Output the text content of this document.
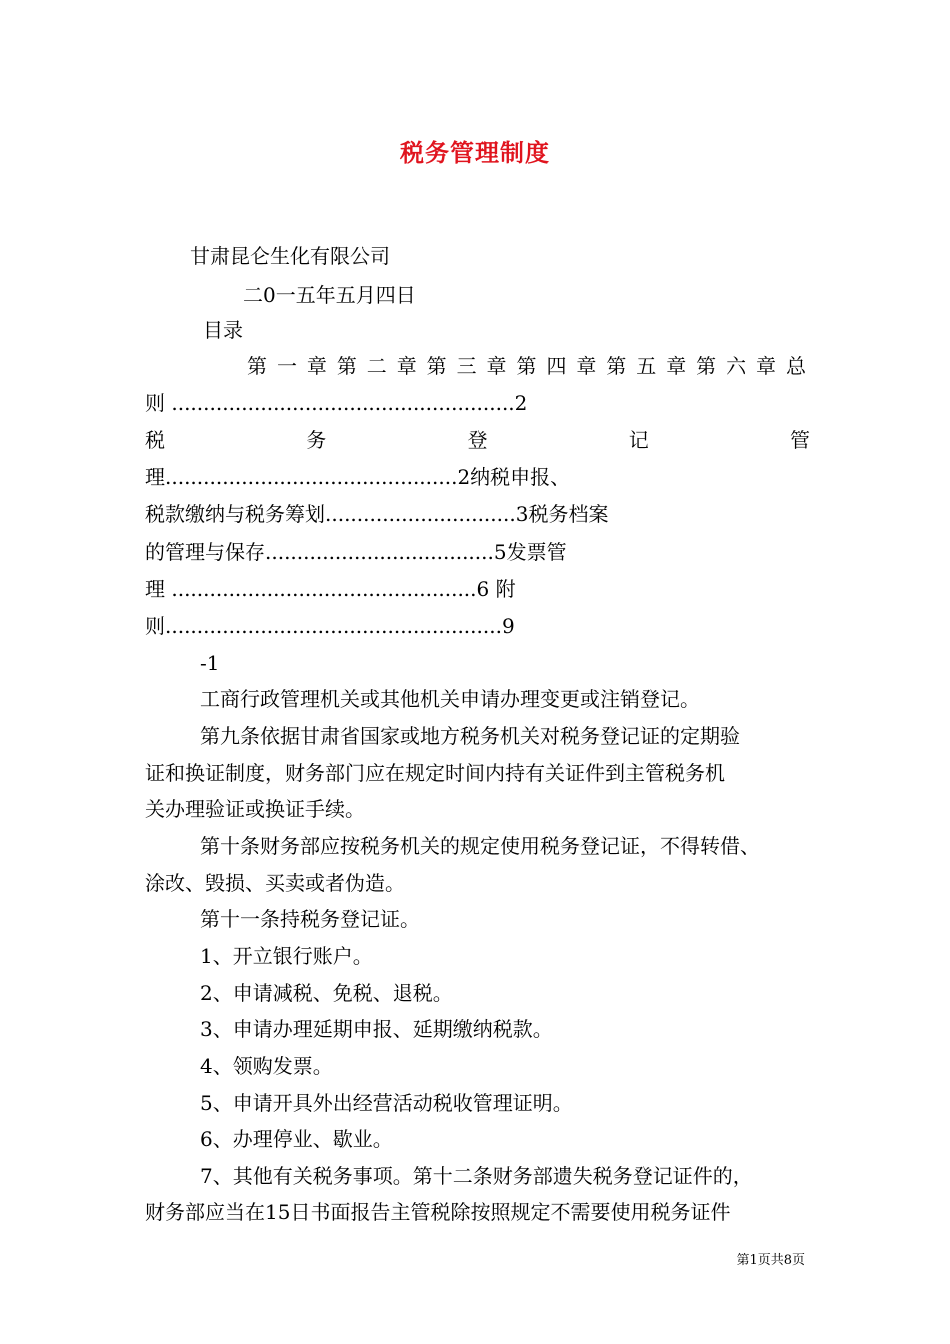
税务管理制度
甘肃昆仑生化有限公司
二0一五年五月四日
目录
第一章第二章第三章第四章第五章第六章总
则 ......................................................2
税务登记管
理..............................................2纳税申报、
税款缴纳与税务筹划..............................3税务档案
的管理与保存....................................5发票管
理 ................................................6 附
则.....................................................9
-1
工商行政管理机关或其他机关申请办理变更或注销登记。
第九条依据甘肃省国家或地方税务机关对税务登记证的定期验
证和换证制度，财务部门应在规定时间内持有关证件到主管税务机
关办理验证或换证手续。
第十条财务部应按税务机关的规定使用税务登记证，不得转借、
涂改、毁损、买卖或者伪造。
第十一条持税务登记证。
1、开立银行账户。
2、申请减税、免税、退税。
3、申请办理延期申报、延期缴纳税款。
4、领购发票。
5、申请开具外出经营活动税收管理证明。
6、办理停业、歇业。
7、其他有关税务事项。第十二条财务部遗失税务登记证件的，
财务部应当在15日书面报告主管税除按照规定不需要使用税务证件
第1页共8页
